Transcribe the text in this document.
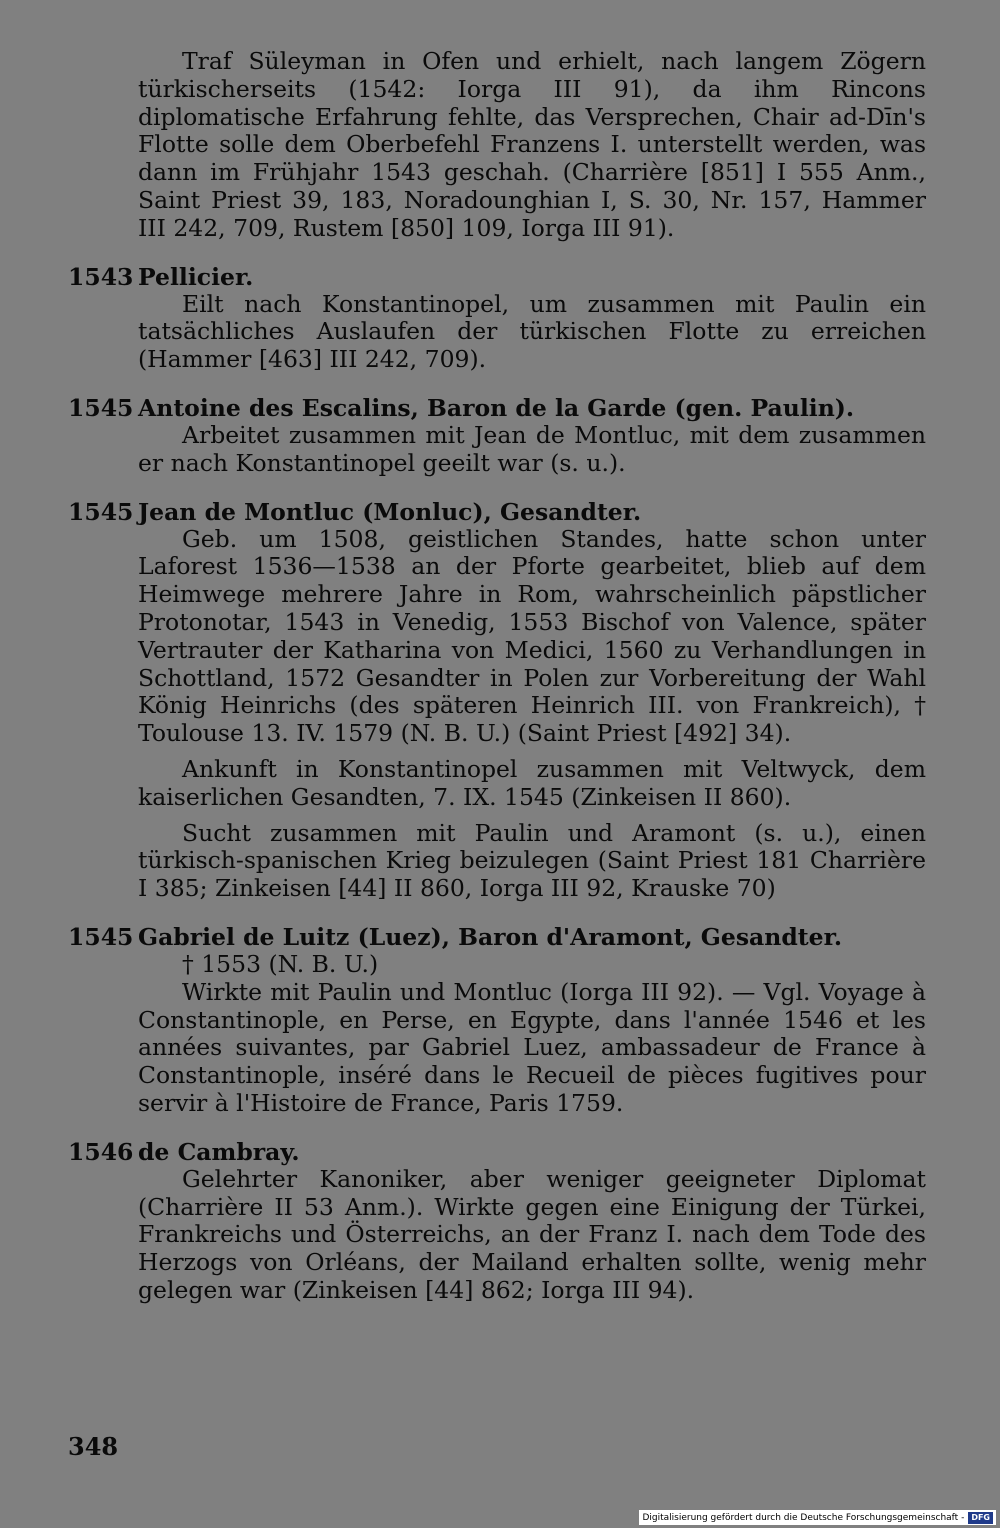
Traf Süleyman in Ofen und erhielt, nach langem Zögern türkischerseits (1542: Iorga III 91), da ihm Rincons diplomatische Erfahrung fehlte, das Versprechen, Chair ad-Dīn's Flotte solle dem Oberbefehl Franzens I. unterstellt werden, was dann im Frühjahr 1543 geschah. (Charrière [851] I 555 Anm., Saint Priest 39, 183, Noradounghian I, S. 30, Nr. 157, Hammer III 242, 709, Rustem [850] 109, Iorga III 91).

1543 Pellicier.

Eilt nach Konstantinopel, um zusammen mit Paulin ein tatsächliches Auslaufen der türkischen Flotte zu erreichen (Hammer [463] III 242, 709).

1545 Antoine des Escalins, Baron de la Garde (gen. Paulin).

Arbeitet zusammen mit Jean de Montluc, mit dem zusammen er nach Konstantinopel geeilt war (s. u.).

1545 Jean de Montluc (Monluc), Gesandter.

Geb. um 1508, geistlichen Standes, hatte schon unter Laforest 1536—1538 an der Pforte gearbeitet, blieb auf dem Heimwege mehrere Jahre in Rom, wahrscheinlich päpstlicher Protonotar, 1543 in Venedig, 1553 Bischof von Valence, später Vertrauter der Katharina von Medici, 1560 zu Verhandlungen in Schottland, 1572 Gesandter in Polen zur Vorbereitung der Wahl König Heinrichs (des späteren Heinrich III. von Frankreich), † Toulouse 13. IV. 1579 (N. B. U.) (Saint Priest [492] 34).

Ankunft in Konstantinopel zusammen mit Veltwyck, dem kaiserlichen Gesandten, 7. IX. 1545 (Zinkeisen II 860).

Sucht zusammen mit Paulin und Aramont (s. u.), einen türkisch-spanischen Krieg beizulegen (Saint Priest 181 Charrière I 385; Zinkeisen [44] II 860, Iorga III 92, Krauske 70)

1545 Gabriel de Luitz (Luez), Baron d'Aramont, Gesandter.

† 1553 (N. B. U.)

Wirkte mit Paulin und Montluc (Iorga III 92). — Vgl. Voyage à Constantinople, en Perse, en Egypte, dans l'année 1546 et les années suivantes, par Gabriel Luez, ambassadeur de France à Constantinople, inséré dans le Recueil de pièces fugitives pour servir à l'Histoire de France, Paris 1759.

1546 de Cambray.

Gelehrter Kanoniker, aber weniger geeigneter Diplomat (Charrière II 53 Anm.). Wirkte gegen eine Einigung der Türkei, Frankreichs und Österreichs, an der Franz I. nach dem Tode des Herzogs von Orléans, der Mailand erhalten sollte, wenig mehr gelegen war (Zinkeisen [44] 862; Iorga III 94).

348
Digitalisierung gefördert durch die Deutsche Forschungsgemeinschaft - DFG
